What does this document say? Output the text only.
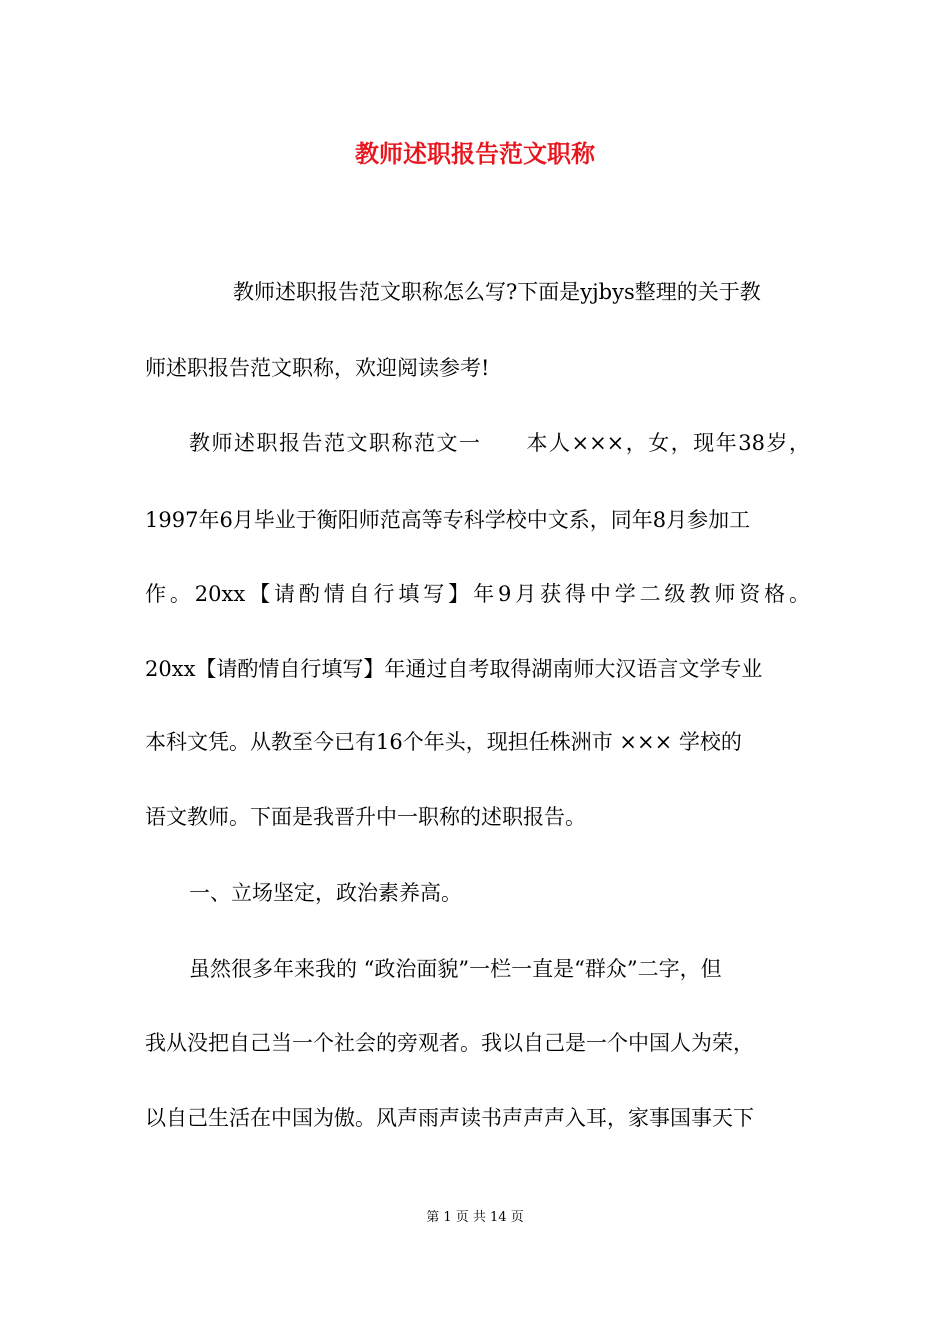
教师述职报告范文职称

教师述职报告范文职称怎么写?下面是yjbys整理的关于教

师述职报告范文职称，欢迎阅读参考!

教师述职报告范文职称范文一　　本人×××，女，现年38岁，

1997年6月毕业于衡阳师范高等专科学校中文系，同年8月参加工

作。20xx【请酌情自行填写】年9月获得中学二级教师资格。

20xx【请酌情自行填写】年通过自考取得湖南师大汉语言文学专业

本科文凭。从教至今已有16个年头，现担任株洲市 ××× 学校的

语文教师。下面是我晋升中一职称的述职报告。

一、立场坚定，政治素养高。

虽然很多年来我的 “政治面貌”一栏一直是“群众”二字，但

我从没把自己当一个社会的旁观者。我以自己是一个中国人为荣，

以自己生活在中国为傲。风声雨声读书声声声入耳，家事国事天下

第 1 页 共 14 页
